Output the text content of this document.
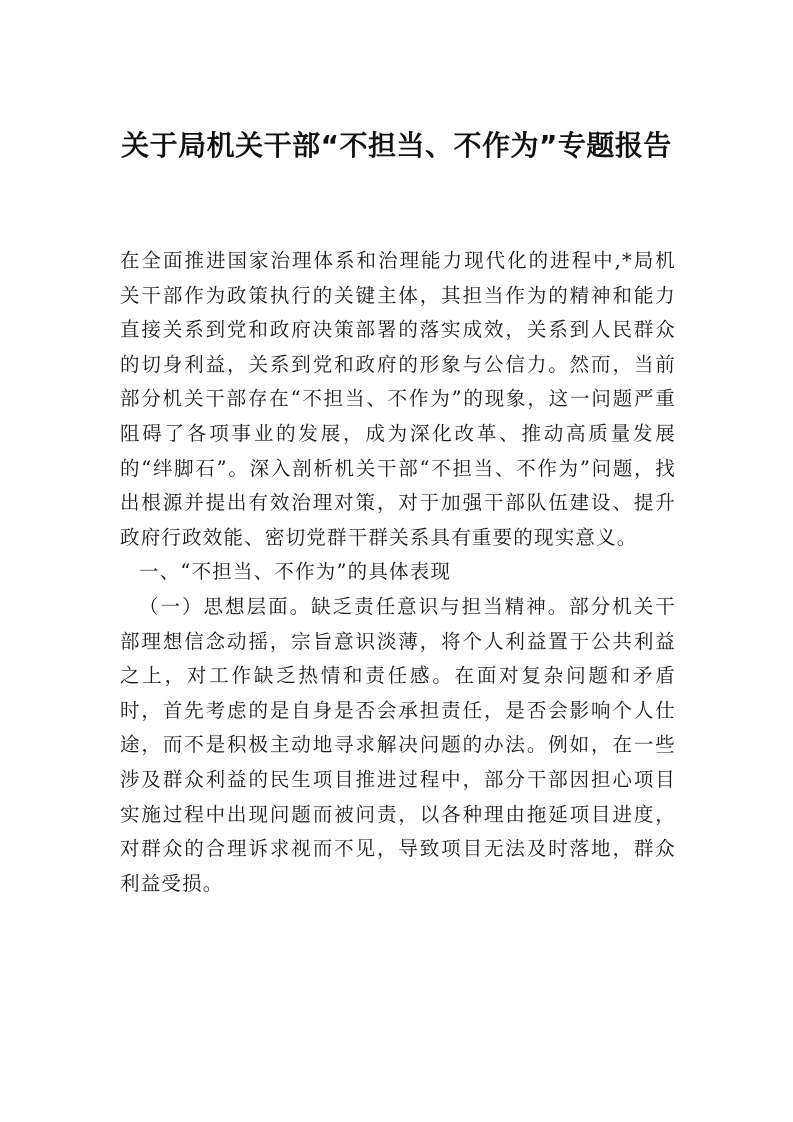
关于局机关干部“不担当、不作为”专题报告

在全面推进国家治理体系和治理能力现代化的进程中,*局机关干部作为政策执行的关键主体，其担当作为的精神和能力直接关系到党和政府决策部署的落实成效，关系到人民群众的切身利益，关系到党和政府的形象与公信力。然而，当前部分机关干部存在“不担当、不作为”的现象，这一问题严重阻碍了各项事业的发展，成为深化改革、推动高质量发展的“绊脚石”。深入剖析机关干部“不担当、不作为”问题，找出根源并提出有效治理对策，对于加强干部队伍建设、提升政府行政效能、密切党群干群关系具有重要的现实意义。

一、“不担当、不作为”的具体表现

（一）思想层面。缺乏责任意识与担当精神。部分机关干部理想信念动摇，宗旨意识淡薄，将个人利益置于公共利益之上，对工作缺乏热情和责任感。在面对复杂问题和矛盾时，首先考虑的是自身是否会承担责任，是否会影响个人仕途，而不是积极主动地寻求解决问题的办法。例如，在一些涉及群众利益的民生项目推进过程中，部分干部因担心项目实施过程中出现问题而被问责，以各种理由拖延项目进度，对群众的合理诉求视而不见，导致项目无法及时落地，群众利益受损。
